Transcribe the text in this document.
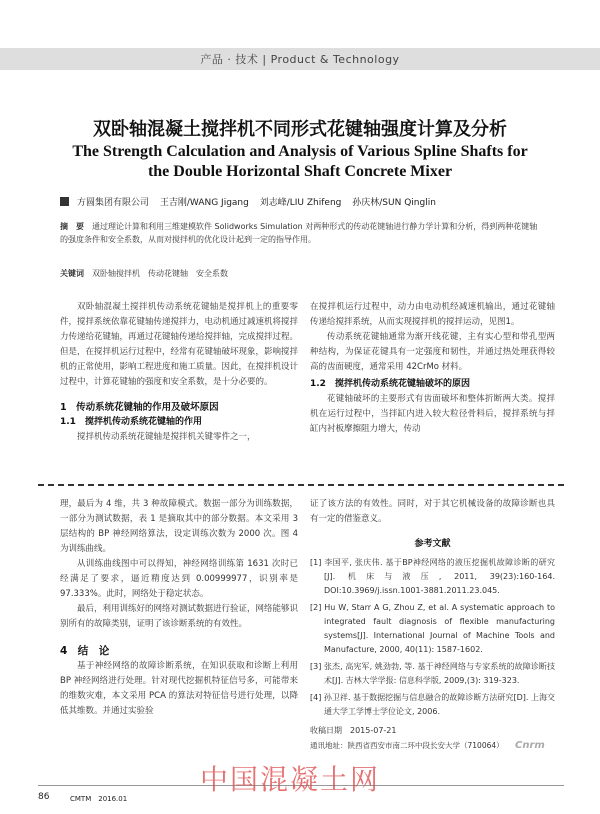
产品 · 技术 | Product & Technology
双卧轴混凝土搅拌机不同形式花键轴强度计算及分析
The Strength Calculation and Analysis of Various Spline Shafts for
the Double Horizontal Shaft Concrete Mixer
方圆集团有限公司 王吉刚/WANG Jigang 刘志峰/LIU Zhifeng 孙庆林/SUN Qinglin
摘　要　 通过理论计算和利用三维建模软件 Solidworks Simulation 对两种形式的传动花键轴进行静力学计算和分析，得到两种花键轴的强度条件和安全系数，从而对搅拌机的优化设计起到一定的指导作用。
关键词　 双卧轴搅拌机　传动花键轴　安全系数

双卧轴混凝土搅拌机传动系统花键轴是搅拌机上的重要零件，搅拌系统依靠花键轴传递搅拌力，电动机通过减速机将搅拌力传递给花键轴，再通过花键轴传递给搅拌轴，完成搅拌过程。但是，在搅拌机运行过程中，经常有花键轴破坏现象，影响搅拌机的正常使用，影响工程进度和施工质量。因此，在搅拌机设计过程中，计算花键轴的强度和安全系数，是十分必要的。

1　传动系统花键轴的作用及破坏原因
1.1　搅拌机传动系统花键轴的作用

搅拌机传动系统花键轴是搅拌机关键零件之一，

在搅拌机运行过程中，动力由电动机经减速机输出，通过花键轴传递给搅拌系统，从而实现搅拌机的搅拌运动，见图1。

传动系统花键轴通常为渐开线花键，主有实心型和带孔型两种结构，为保证花键具有一定强度和韧性，并通过热处理获得较高的齿面硬度，通常采用 42CrMo 材料。

1.2　搅拌机传动系统花键轴破坏的原因

花键轴破坏的主要形式有齿面破坏和整体折断两大类。搅拌机在运行过程中，当拌缸内进入较大粒径骨料后，搅拌系统与拌缸内衬板摩擦阻力增大，传动

理，最后为 4 维，共 3 种故障模式。数据一部分为训练数据，一部分为测试数据，表 1 是摘取其中的部分数据。本文采用 3 层结构的 BP 神经网络算法，设定训练次数为 2000 次。图 4 为训练曲线。

从训练曲线图中可以得知，神经网络训练第 1631 次时已经满足了要求，逼近精度达到 0.00999977，识别率是 97.333%。此时，网络处于稳定状态。

最后，利用训练好的网络对测试数据进行验证，网络能够识别所有的故障类别，证明了该诊断系统的有效性。

4　结　论

基于神经网络的故障诊断系统，在知识获取和诊断上利用 BP 神经网络进行处理。针对现代挖掘机特征信号多，可能带来的维数灾难，本文采用 PCA 的算法对特征信号进行处理，以降低其维数。并通过实验验

证了该方法的有效性。同时，对于其它机械设备的故障诊断也具有一定的借鉴意义。

参考文献
[1] 李国平, 张庆伟. 基于BP神经网络的液压挖掘机故障诊断的研究[J]. 机床与液压, 2011, 39(23):160-164. DOI:10.3969/j.issn.1001-3881.2011.23.045.
[2] Hu W, Starr A G, Zhou Z, et al. A systematic approach to integrated fault diagnosis of flexible manufacturing systems[J]. International Journal of Machine Tools and Manufacture, 2000, 40(11): 1587-1602.
[3] 张杰, 高宪军, 姚劲勃, 等. 基于神经网络与专家系统的故障诊断技术[J]. 吉林大学学报: 信息科学版, 2009,(3): 319-323.
[4] 孙卫祥. 基于数据挖掘与信息融合的故障诊断方法研究[D]. 上海交通大学工学博士学位论文, 2006.
收稿日期　2015-07-21
通讯地址：陕西省西安市南二环中段长安大学（710064）	Cnrm
86	CMTM　2016.01
中国混凝土网
